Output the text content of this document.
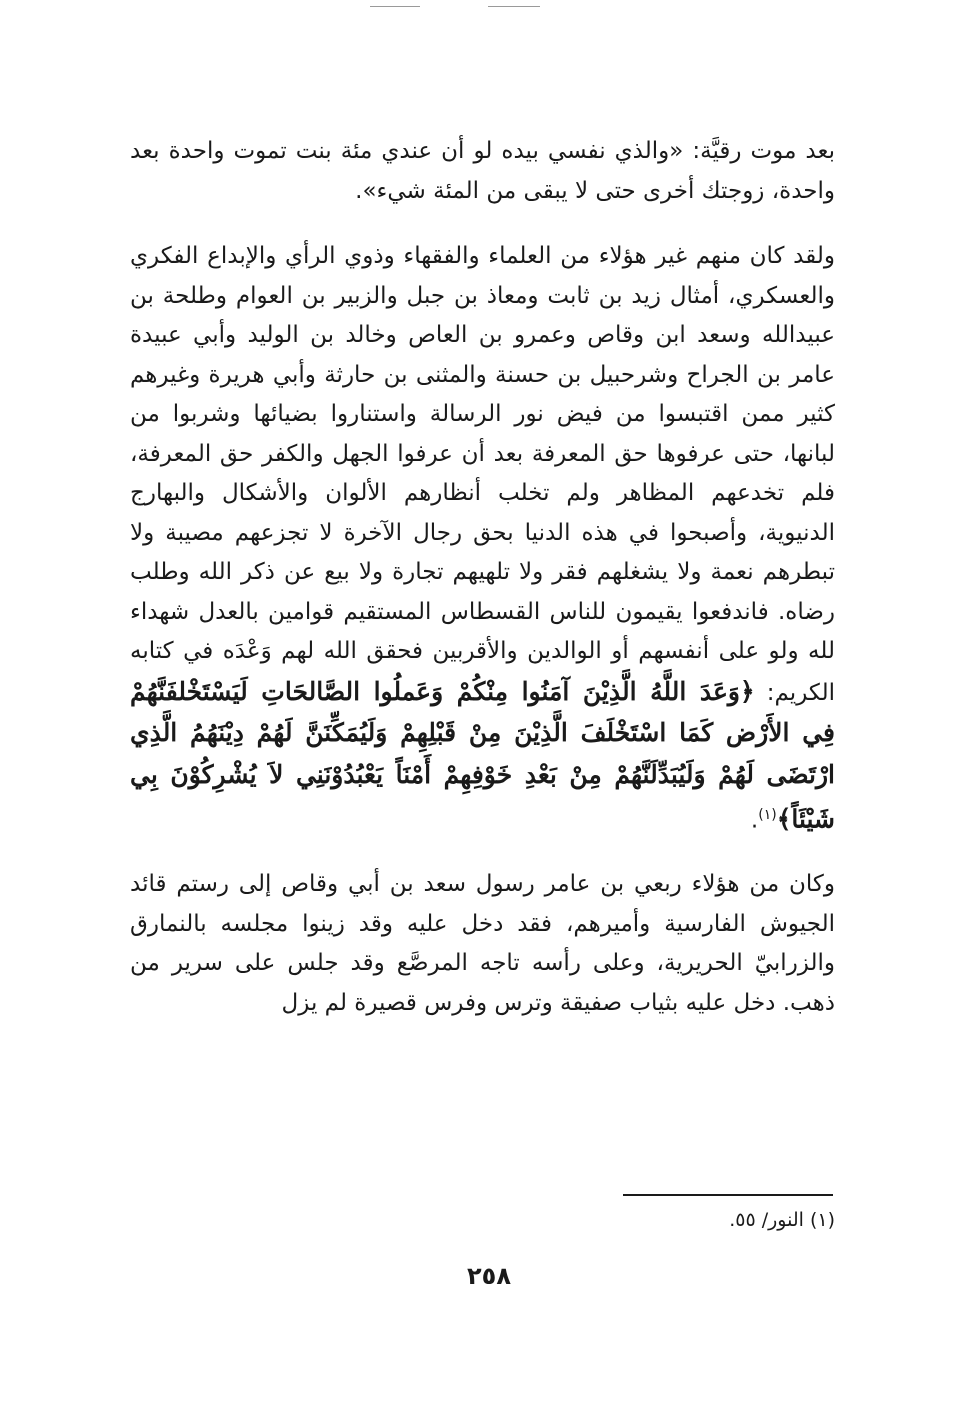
بعد موت رقيَّة: «والذي نفسي بيده لو أن عندي مئة بنت تموت واحدة بعد واحدة، زوجتك أخرى حتى لا يبقى من المئة شيء».

ولقد كان منهم غير هؤلاء من العلماء والفقهاء وذوي الرأي والإبداع الفكري والعسكري، أمثال زيد بن ثابت ومعاذ بن جبل والزبير بن العوام وطلحة بن عبيدالله وسعد ابن وقاص وعمرو بن العاص وخالد بن الوليد وأبي عبيدة عامر بن الجراح وشرحبيل بن حسنة والمثنى بن حارثة وأبي هريرة وغيرهم كثير ممن اقتبسوا من فيض نور الرسالة واستناروا بضيائها وشربوا من لبانها، حتى عرفوها حق المعرفة بعد أن عرفوا الجهل والكفر حق المعرفة، فلم تخدعهم المظاهر ولم تخلب أنظارهم الألوان والأشكال والبهارج الدنيوية، وأصبحوا في هذه الدنيا بحق رجال الآخرة لا تجزعهم مصيبة ولا تبطرهم نعمة ولا يشغلهم فقر ولا تلهيهم تجارة ولا بيع عن ذكر الله وطلب رضاه. فاندفعوا يقيمون للناس القسطاس المستقيم قوامين بالعدل شهداء لله ولو على أنفسهم أو الوالدين والأقربين فحقق الله لهم وَعْدَه في كتابه الكريم: ﴿وَعَدَ اللَّهُ الَّذِيْنَ آمَنُوا مِنْكُمْ وَعَملُوا الصَّالحَاتِ لَيَسْتَخْلفَنَّهُمْ فِي الأَرْض كَمَا اسْتَخْلَفَ الَّذِيْنَ مِنْ قَبْلِهِمْ وَلَيُمَكِّنَنَّ لَهُمْ دِيْنَهُمُ الَّذِي ارْتَضَى لَهُمْ وَلَيُبَدِّلَنَّهُمْ مِنْ بَعْدِ خَوْفِهِمْ أَمْنَاً يَعْبُدُوْنَنِي لاَ يُشْرِكُوْنَ بِي شَيْئَاً﴾$^{(١)}$.

وكان من هؤلاء ربعي بن عامر رسول سعد بن أبي وقاص إلى رستم قائد الجيوش الفارسية وأميرهم، فقد دخل عليه وقد زينوا مجلسه بالنمارق والزرابيّ الحريرية، وعلى رأسه تاجه المرصَّع وقد جلس على سرير من ذهب. دخل عليه بثياب صفيقة وترس وفرس قصيرة لم يزل

(١) النور/ ٥٥.
٢٥٨
